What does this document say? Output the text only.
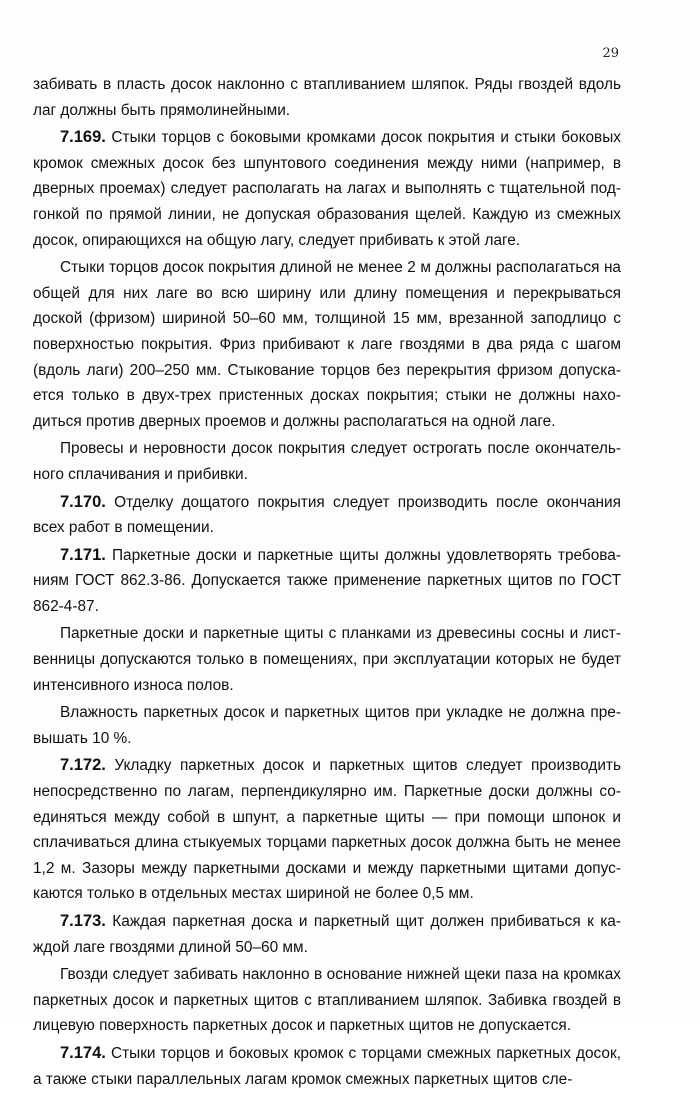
29

забивать в пласть досок наклонно с втапливанием шляпок. Ряды гвоздей вдоль лаг должны быть прямолинейными.

7.169. Стыки торцов с боковыми кромками досок покрытия и стыки боковых кромок смежных досок без шпунтового соединения между ними (например, в дверных проемах) следует располагать на лагах и выполнять с тщательной подгонкой по прямой линии, не допуская образования щелей. Каждую из смежных досок, опирающихся на общую лагу, следует прибивать к этой лаге.

Стыки торцов досок покрытия длиной не менее 2 м должны располагаться на общей для них лаге во всю ширину или длину помещения и перекрываться доской (фризом) шириной 50–60 мм, толщиной 15 мм, врезанной заподлицо с поверхностью покрытия. Фриз прибивают к лаге гвоздями в два ряда с шагом (вдоль лаги) 200–250 мм. Стыкование торцов без перекрытия фризом допускается только в двух-трех пристенных досках покрытия; стыки не должны находиться против дверных проемов и должны располагаться на одной лаге.

Провесы и неровности досок покрытия следует острогать после окончательного сплачивания и прибивки.

7.170. Отделку дощатого покрытия следует производить после окончания всех работ в помещении.

7.171. Паркетные доски и паркетные щиты должны удовлетворять требованиям ГОСТ 862.3-86. Допускается также применение паркетных щитов по ГОСТ 862-4-87.

Паркетные доски и паркетные щиты с планками из древесины сосны и лиственницы допускаются только в помещениях, при эксплуатации которых не будет интенсивного износа полов.

Влажность паркетных досок и паркетных щитов при укладке не должна превышать 10 %.

7.172. Укладку паркетных досок и паркетных щитов следует производить непосредственно по лагам, перпендикулярно им. Паркетные доски должны соединяться между собой в шпунт, а паркетные щиты — при помощи шпонок и сплачиваться длина стыкуемых торцами паркетных досок должна быть не менее 1,2 м. Зазоры между паркетными досками и между паркетными щитами допускаются только в отдельных местах шириной не более 0,5 мм.

7.173. Каждая паркетная доска и паркетный щит должен прибиваться к каждой лаге гвоздями длиной 50–60 мм.

Гвозди следует забивать наклонно в основание нижней щеки паза на кромках паркетных досок и паркетных щитов с втапливанием шляпок. Забивка гвоздей в лицевую поверхность паркетных досок и паркетных щитов не допускается.

7.174. Стыки торцов и боковых кромок с торцами смежных паркетных досок, а также стыки параллельных лагам кромок смежных паркетных щитов сле-
